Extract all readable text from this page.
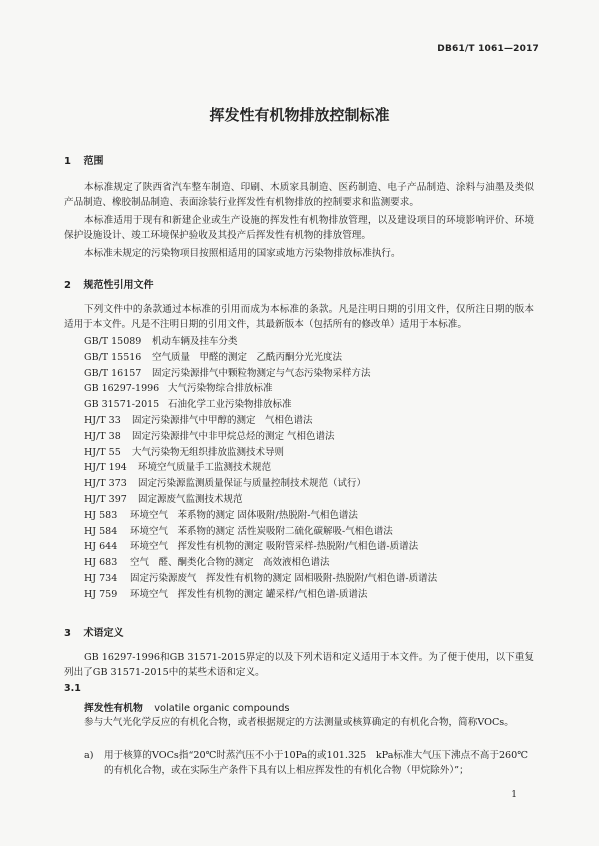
DB61/T 1061—2017
挥发性有机物排放控制标准
1 范围
本标准规定了陕西省汽车整车制造、印刷、木质家具制造、医药制造、电子产品制造、涂料与油墨及类似产品制造、橡胶制品制造、表面涂装行业挥发性有机物排放的控制要求和监测要求。
本标准适用于现有和新建企业或生产设施的挥发性有机物排放管理，以及建设项目的环境影响评价、环境保护设施设计、竣工环境保护验收及其投产后挥发性有机物的排放管理。
本标准未规定的污染物项目按照相适用的国家或地方污染物排放标准执行。
2 规范性引用文件
下列文件中的条款通过本标准的引用而成为本标准的条款。凡是注明日期的引用文件，仅所注日期的版本适用于本文件。凡是不注明日期的引用文件，其最新版本（包括所有的修改单）适用于本标准。
GB/T 15089 机动车辆及挂车分类
GB/T 15516 空气质量　甲醛的测定　乙酰丙酮分光光度法
GB/T 16157 固定污染源排气中颗粒物测定与气态污染物采样方法
GB 16297-1996 大气污染物综合排放标准
GB 31571-2015 石油化学工业污染物排放标准
HJ/T 33 固定污染源排气中甲醇的测定　气相色谱法
HJ/T 38 固定污染源排气中非甲烷总烃的测定 气相色谱法
HJ/T 55 大气污染物无组织排放监测技术导则
HJ/T 194 环境空气质量手工监测技术规范
HJ/T 373 固定污染源监测质量保证与质量控制技术规范（试行）
HJ/T 397 固定源废气监测技术规范
HJ 583 环境空气　苯系物的测定 固体吸附/热脱附-气相色谱法
HJ 584 环境空气　苯系物的测定 活性炭吸附二硫化碳解吸-气相色谱法
HJ 644 环境空气　挥发性有机物的测定 吸附管采样-热脱附/气相色谱-质谱法
HJ 683 空气　醛、酮类化合物的测定　高效液相色谱法
HJ 734 固定污染源废气　挥发性有机物的测定 固相吸附-热脱附/气相色谱-质谱法
HJ 759 环境空气　挥发性有机物的测定 罐采样/气相色谱-质谱法
3 术语定义
GB 16297-1996和GB 31571-2015界定的以及下列术语和定义适用于本文件。为了便于使用，以下重复列出了GB 31571-2015中的某些术语和定义。
3.1
挥发性有机物 volatile organic compounds
参与大气光化学反应的有机化合物，或者根据规定的方法测量或核算确定的有机化合物，简称VOCs。
a) 用于核算的VOCs指“20℃时蒸汽压不小于10Pa的或101.325　kPa标准大气压下沸点不高于260℃的有机化合物，或在实际生产条件下具有以上相应挥发性的有机化合物（甲烷除外）”；
1
